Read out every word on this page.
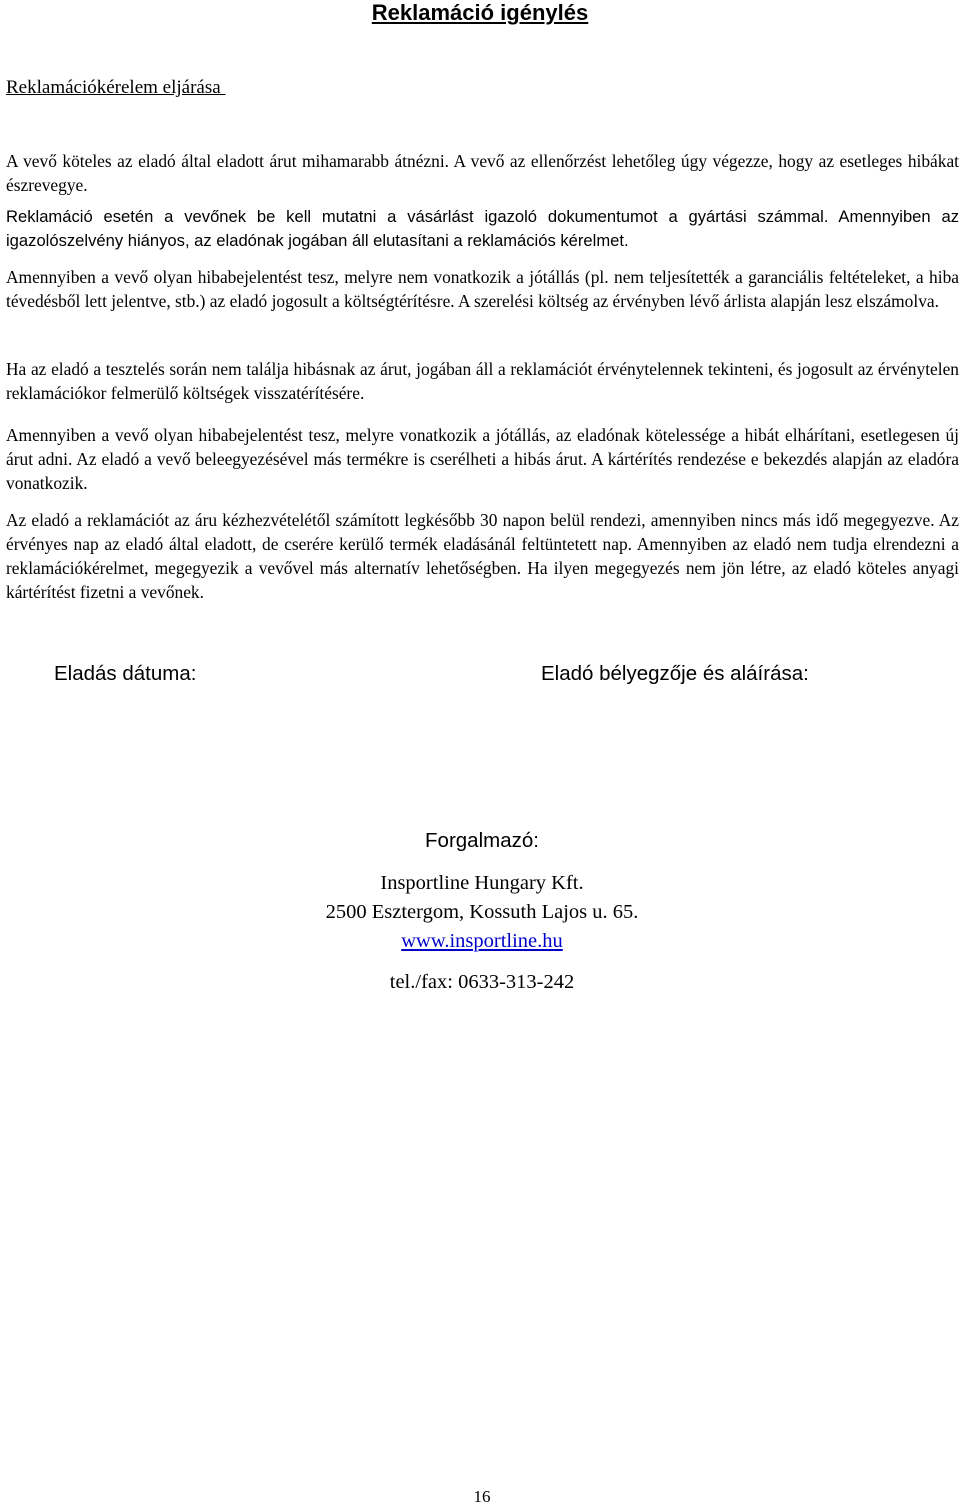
Reklamáció igénylés
Reklamációkérelem eljárása

A vevő köteles az eladó által eladott árut mihamarabb átnézni. A vevő az ellenőrzést lehetőleg úgy végezze, hogy az esetleges hibákat észrevegye.

Reklamáció esetén a vevőnek be kell mutatni a vásárlást igazoló dokumentumot a gyártási számmal. Amennyiben az igazolószelvény hiányos, az eladónak jogában áll elutasítani a reklamációs kérelmet.

Amennyiben a vevő olyan hibabejelentést tesz, melyre nem vonatkozik a jótállás (pl. nem teljesítették a garanciális feltételeket, a hiba tévedésből lett jelentve, stb.) az eladó jogosult a költségtérítésre. A szerelési költség az érvényben lévő árlista alapján lesz elszámolva.

Ha az eladó a tesztelés során nem találja hibásnak az árut, jogában áll a reklamációt érvénytelennek tekinteni, és jogosult az érvénytelen reklamációkor felmerülő költségek visszatérítésére.

Amennyiben a vevő olyan hibabejelentést tesz, melyre vonatkozik a jótállás, az eladónak kötelessége a hibát elhárítani, esetlegesen új árut adni. Az eladó a vevő beleegyezésével más termékre is cserélheti a hibás árut. A kártérítés rendezése e bekezdés alapján az eladóra vonatkozik.

Az eladó a reklamációt az áru kézhezvételétől számított legkésőbb 30 napon belül rendezi, amennyiben nincs más idő megegyezve. Az érvényes nap az eladó által eladott, de cserére kerülő termék eladásánál feltüntetett nap. Amennyiben az eladó nem tudja elrendezni a reklamációkérelmet, megegyezik a vevővel más alternatív lehetőségben. Ha ilyen megegyezés nem jön létre, az eladó köteles anyagi kártérítést fizetni a vevőnek.

Eladás dátuma:	Eladó bélyegzője és aláírása:
Forgalmazó:
Insportline Hungary Kft.
2500 Esztergom, Kossuth Lajos u. 65.
www.insportline.hu
tel./fax: 0633-313-242
16
